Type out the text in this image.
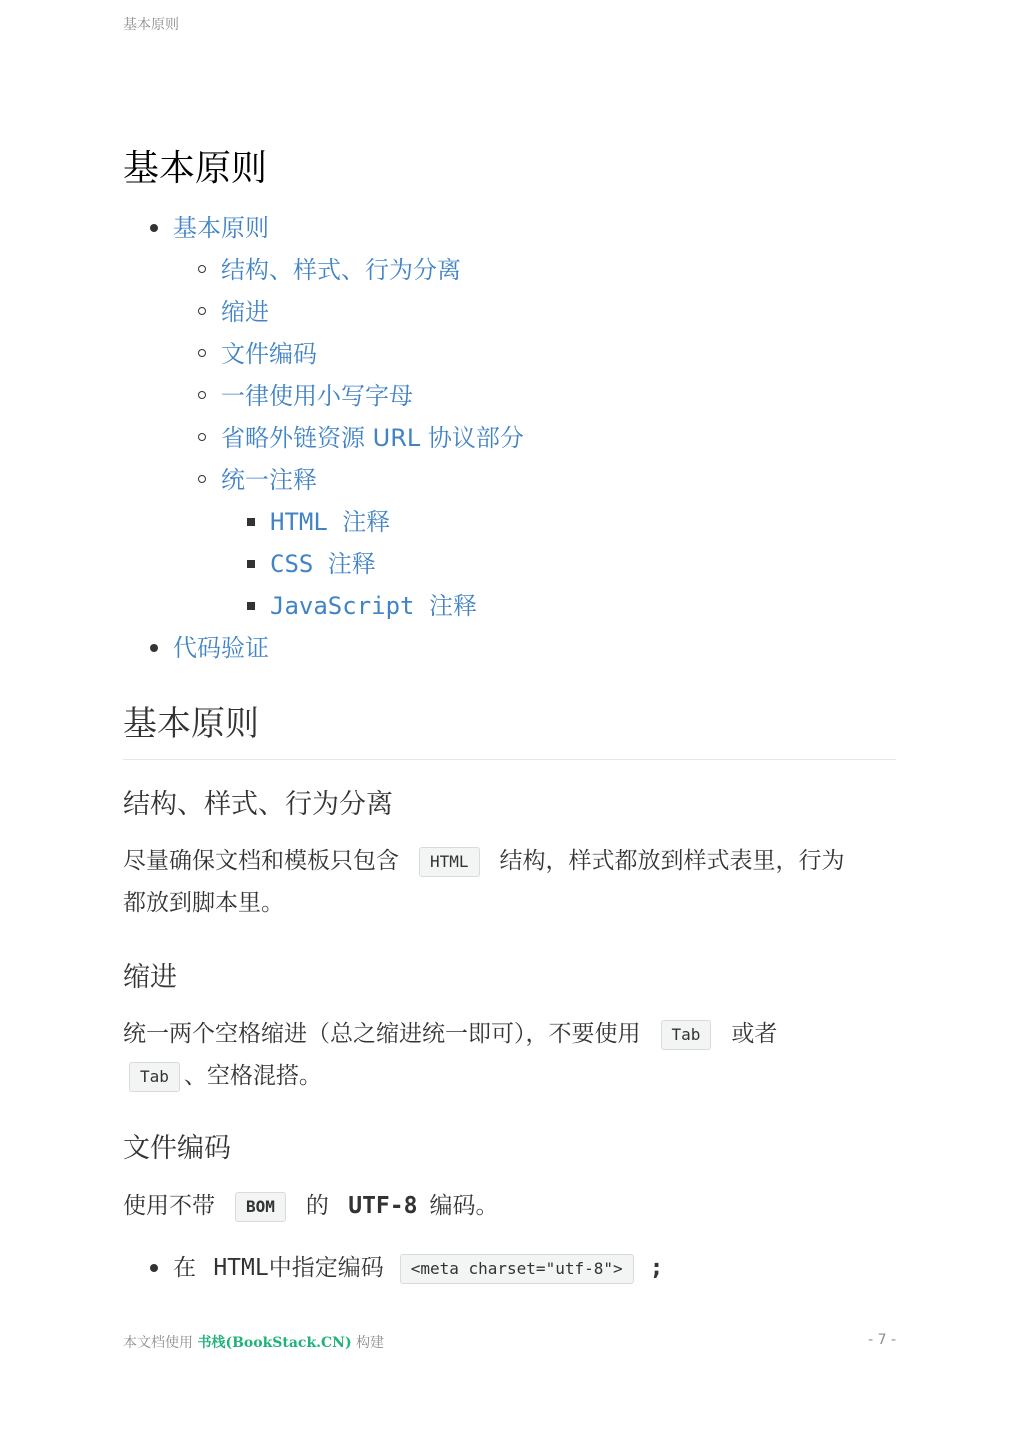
基本原则
基本原则
基本原则
结构、样式、行为分离
缩进
文件编码
一律使用小写字母
省略外链资源 URL 协议部分
统一注释
HTML 注释
CSS 注释
JavaScript 注释
代码验证
基本原则
结构、样式、行为分离
尽量确保文档和模板只包含 HTML 结构，样式都放到样式表里，行为
都放到脚本里。
缩进
统一两个空格缩进（总之缩进统一即可），不要使用 Tab 或者
Tab 、空格混搭。
文件编码
使用不带 BOM 的 UTF-8 编码。
在 HTML中指定编码 <meta charset="utf-8"> ;
本文档使用 书栈(BookStack.CN) 构建	- 7 -
